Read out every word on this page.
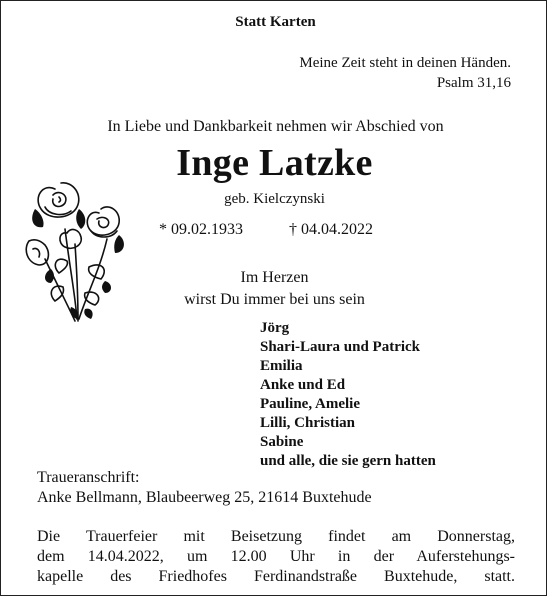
Statt Karten
Meine Zeit steht in deinen Händen.
Psalm 31,16
In Liebe und Dankbarkeit nehmen wir Abschied von
Inge Latzke
geb. Kielczynski
* 09.02.1933	† 04.04.2022
Im Herzen
wirst Du immer bei uns sein
Jörg
Shari-Laura und Patrick
Emilia
Anke und Ed
Pauline, Amelie
Lilli, Christian
Sabine
und alle, die sie gern hatten
Traueranschrift:
Anke Bellmann, Blaubeerweg 25, 21614 Buxtehude
Die Trauerfeier mit Beisetzung findet am Donnerstag,
dem 14.04.2022, um 12.00 Uhr in der Auferstehungs-
kapelle des Friedhofes Ferdinandstraße Buxtehude, statt.
